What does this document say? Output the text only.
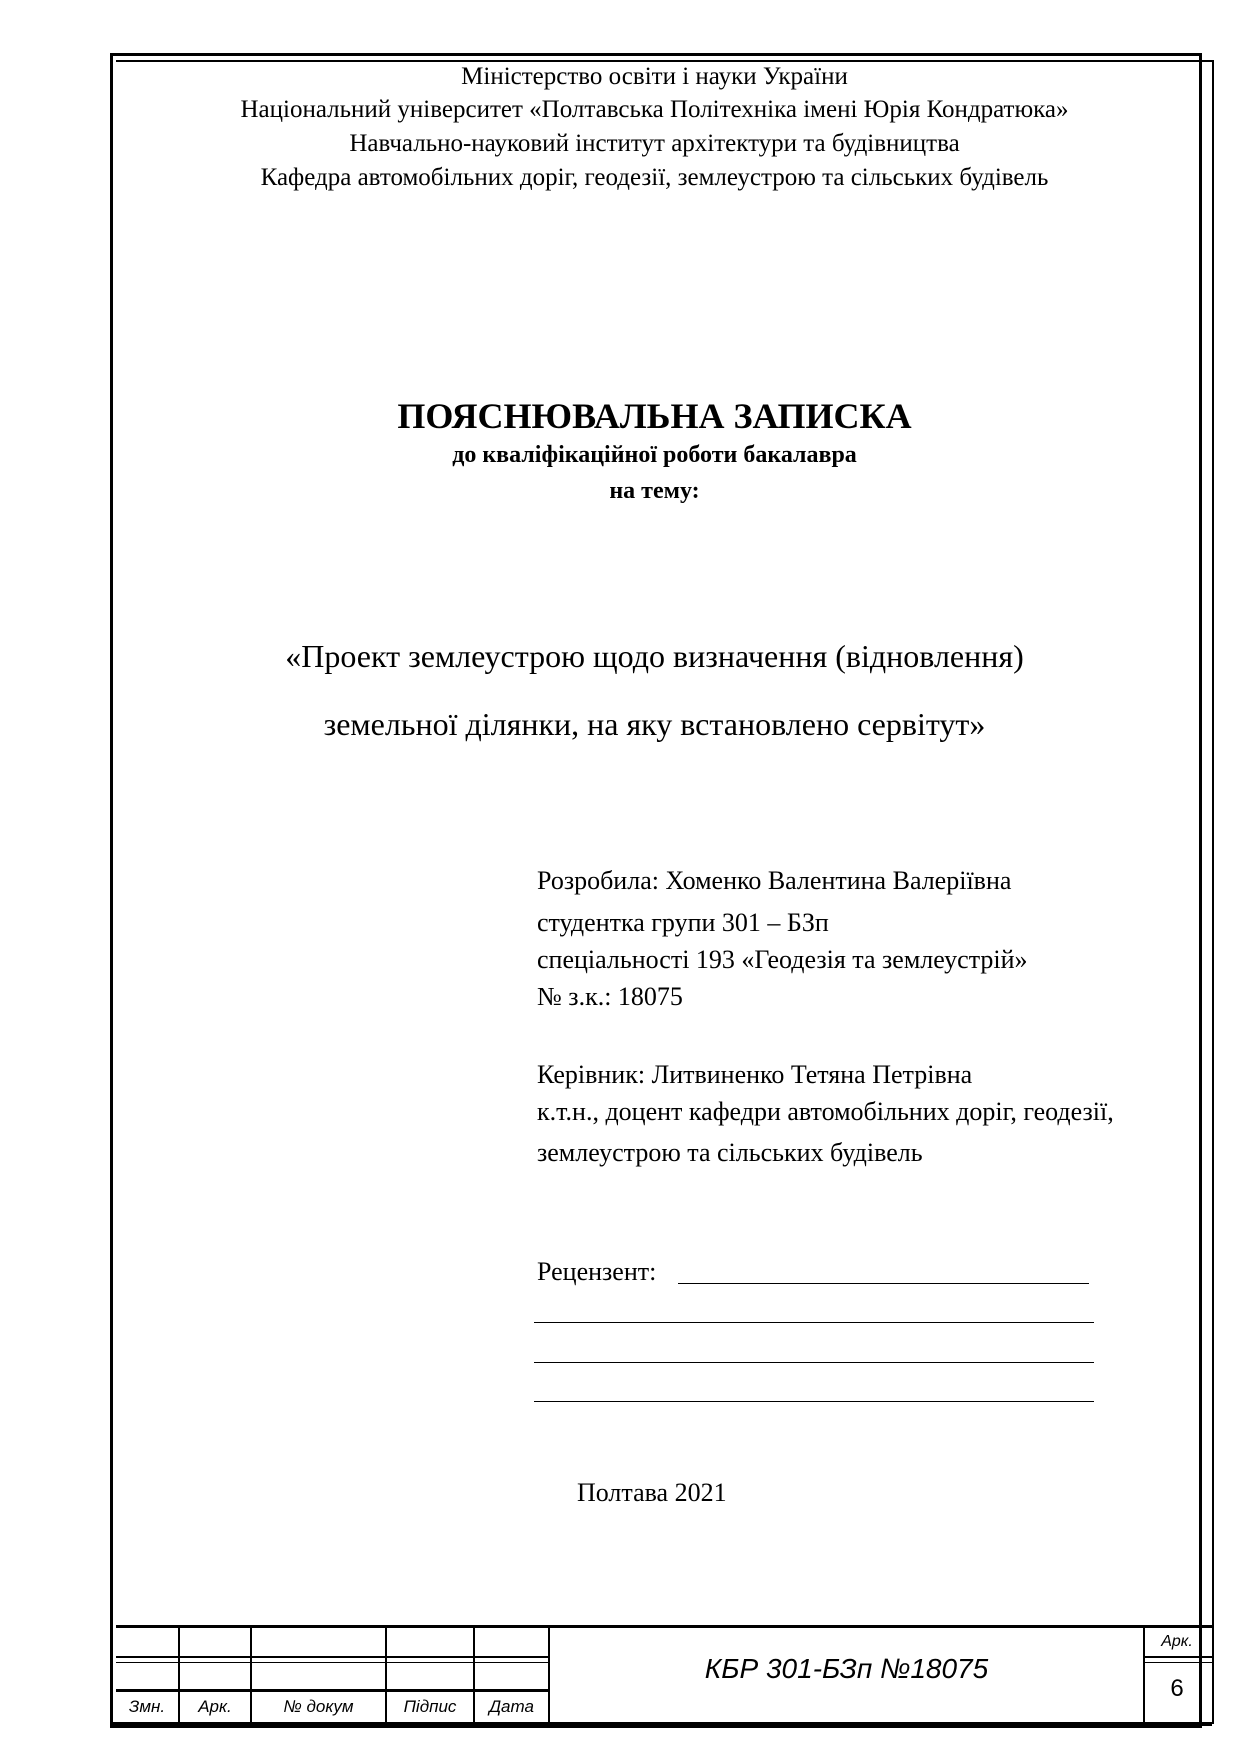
Міністерство освіти і науки України
Національний університет «Полтавська Політехніка імені Юрія Кондратюка»
Навчально-науковий інститут архітектури та будівництва
Кафедра автомобільних доріг, геодезії, землеустрою та сільських будівель
ПОЯСНЮВАЛЬНА ЗАПИСКА
до кваліфікаційної роботи бакалавра
на тему:
«Проект землеустрою щодо визначення (відновлення)
земельної ділянки, на яку встановлено сервітут»
Розробила: Хоменко Валентина Валеріївна
студентка групи 301 – БЗп
спеціальності 193 «Геодезія та землеустрій»
№ з.к.: 18075
Керівник: Литвиненко Тетяна Петрівна
к.т.н., доцент кафедри автомобільних доріг, геодезії,
землеустрою та сільських будівель
Рецензент:
Полтава 2021
Змн.	Арк.	№ докум	Підпис	Дата
КБР 301-БЗп №18075
Арк.
6
